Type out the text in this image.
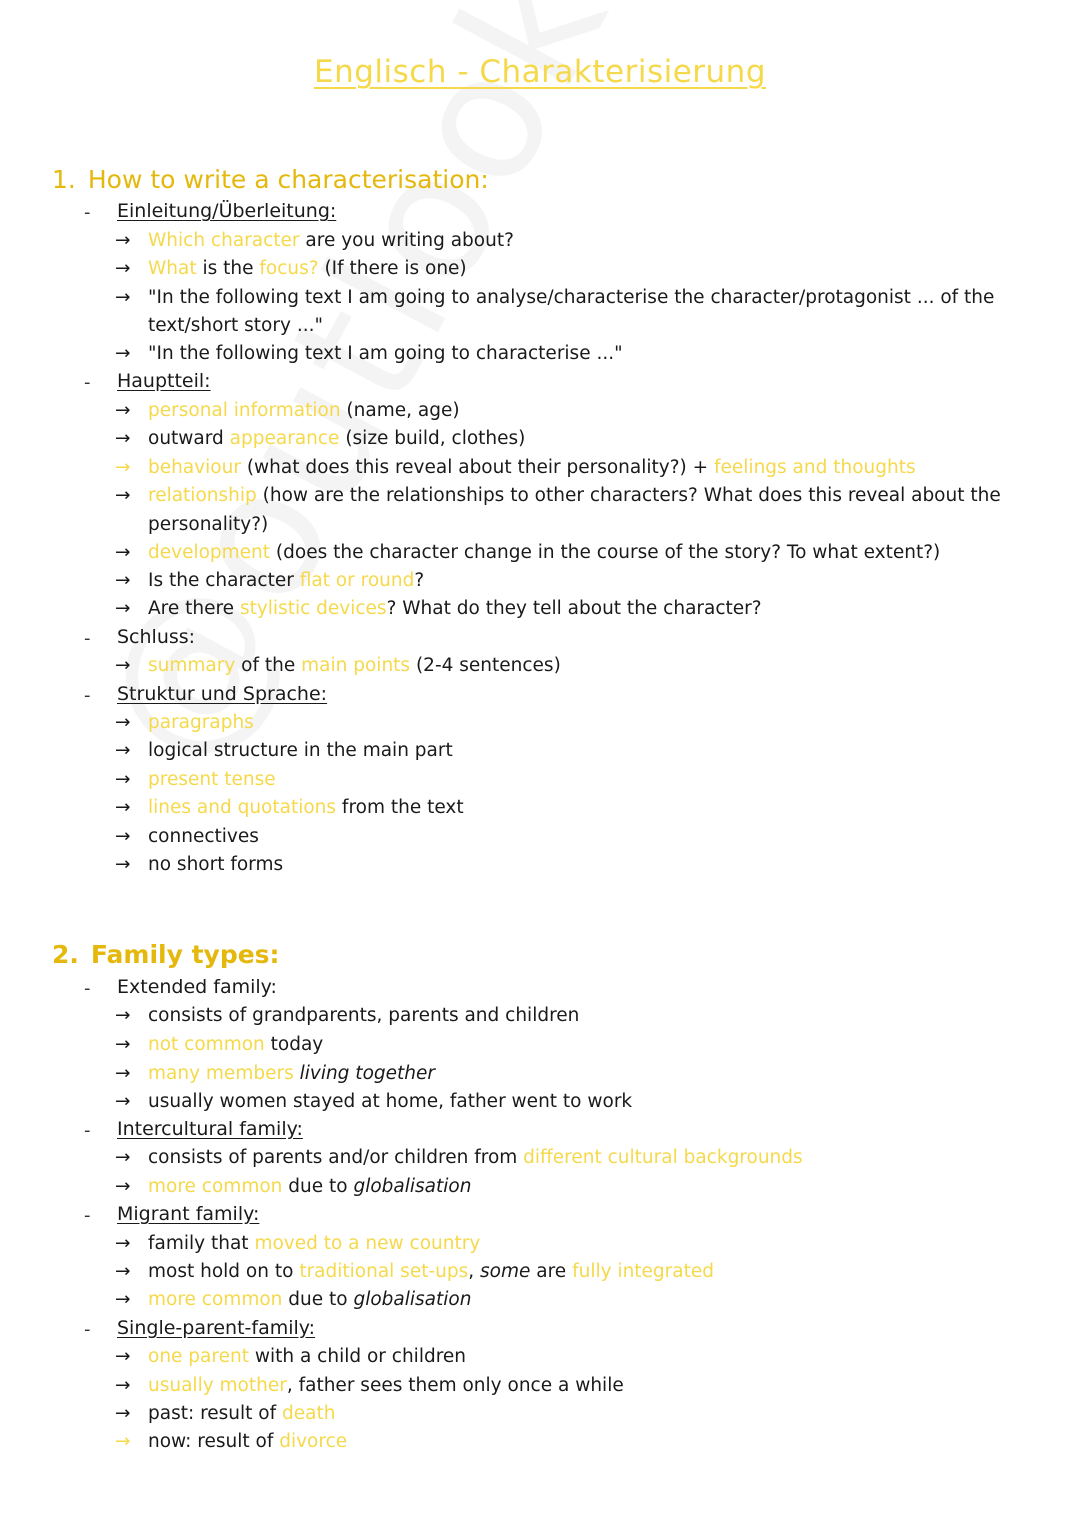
Englisch - Charakterisierung
1. How to write a characterisation:
- Einleitung/Überleitung:
→ Which character are you writing about?
→ What is the focus? (If there is one)
→ "In the following text I am going to analyse/characterise the character/protagonist ... of the
text/short story ..."
→ "In the following text I am going to characterise ..."
- Hauptteil:
→ personal information (name, age)
→ outward appearance (size build, clothes)
→ behaviour (what does this reveal about their personality?) + feelings and thoughts
→ relationship (how are the relationships to other characters? What does this reveal about the
personality?)
→ development (does the character change in the course of the story? To what extent?)
→ Is the character flat or round?
→ Are there stylistic devices? What do they tell about the character?
- Schluss:
→ summary of the main points (2-4 sentences)
- Struktur und Sprache:
→ paragraphs
→ logical structure in the main part
→ present tense
→ lines and quotations from the text
→ connectives
→ no short forms
2. Family types:
- Extended family:
→ consists of grandparents, parents and children
→ not common today
→ many members living together
→ usually women stayed at home, father went to work
- Intercultural family:
→ consists of parents and/or children from different cultural backgrounds
→ more common due to globalisation
- Migrant family:
→ family that moved to a new country
→ most hold on to traditional set-ups, some are fully integrated
→ more common due to globalisation
- Single-parent-family:
→ one parent with a child or children
→ usually mother, father sees them only once a while
→ past: result of death
→ now: result of divorce
